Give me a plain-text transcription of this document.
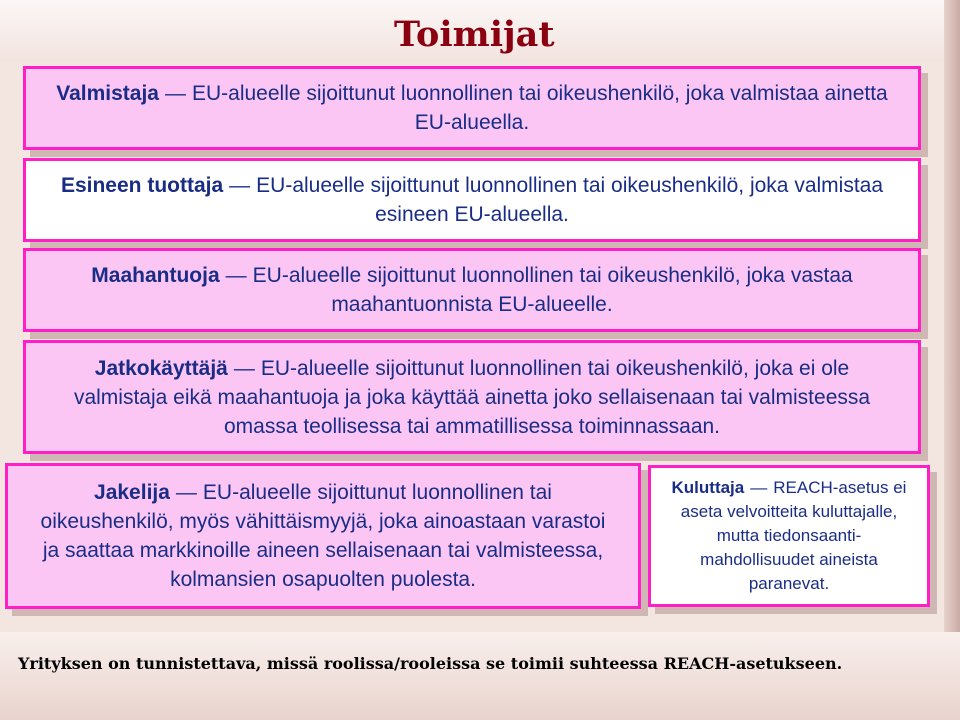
Toimijat

Valmistaja — EU-alueelle sijoittunut luonnollinen tai oikeushenkilö, joka valmistaa ainetta EU-alueella.

Esineen tuottaja — EU-alueelle sijoittunut luonnollinen tai oikeushenkilö, joka valmistaa esineen EU-alueella.

Maahantuoja — EU-alueelle sijoittunut luonnollinen tai oikeushenkilö, joka vastaa maahantuonnista EU-alueelle.

Jatkokäyttäjä — EU-alueelle sijoittunut luonnollinen tai oikeushenkilö, joka ei ole valmistaja eikä maahantuoja ja joka käyttää ainetta joko sellaisenaan tai valmisteessa omassa teollisessa tai ammatillisessa toiminnassaan.

Jakelija — EU-alueelle sijoittunut luonnollinen tai oikeushenkilö, myös vähittäismyyjä, joka ainoastaan varastoi ja saattaa markkinoille aineen sellaisenaan tai valmisteessa, kolmansien osapuolten puolesta.

Kuluttaja — REACH-asetus ei aseta velvoitteita kuluttajalle, mutta tiedonsaanti-mahdollisuudet aineista paranevat.

Yrityksen on tunnistettava, missä roolissa/rooleissa se toimii suhteessa REACH-asetukseen.
